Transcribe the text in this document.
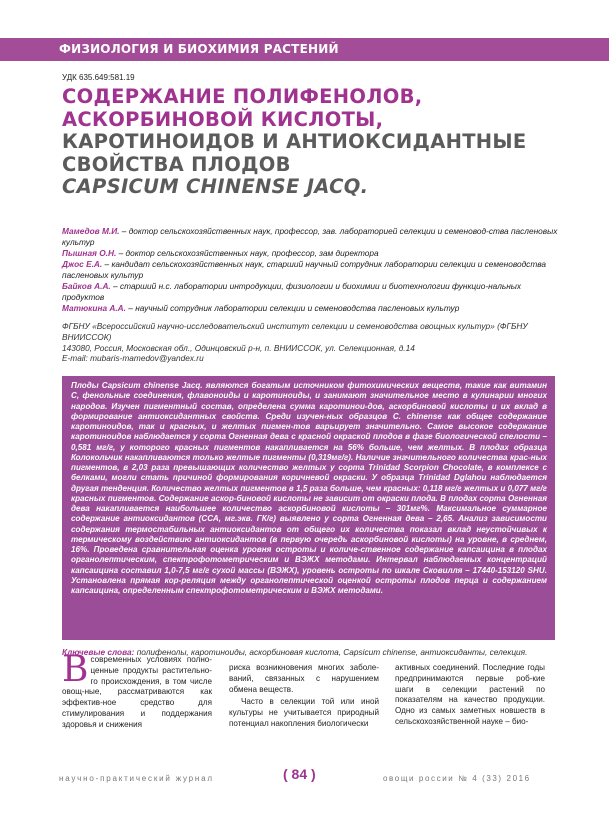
ФИЗИОЛОГИЯ И БИОХИМИЯ РАСТЕНИЙ
УДК 635.649:581.19
СОДЕРЖАНИЕ ПОЛИФЕНОЛОВ,
АСКОРБИНОВОЙ КИСЛОТЫ,
КАРОТИНОИДОВ И АНТИОКСИДАНТНЫЕ
СВОЙСТВА ПЛОДОВ
CAPSICUM CHINENSE JACQ.

Мамедов М.И. – доктор сельскохозяйственных наук, профессор, зав. лабораторией селекции и семеновод-ства пасленовых культур

Пышная О.Н. – доктор сельскохозяйственных наук, профессор, зам директора

Джос Е.А. – кандидат сельскохозяйственных наук, старший научный сотрудник лаборатории селекции и семеноводства пасленовых культур

Байков А.А. – старший н.с. лаборатории интродукции, физиологии и биохимии и биотехнологии функцио-нальных продуктов

Матюкина А.А. – научный сотрудник лаборатории селекции и семеноводства пасленовых культур

ФГБНУ «Всероссийский научно-исследовательский институт селекции и семеноводства овощных культур» (ФГБНУ ВНИИССОК)

143080, Россия, Московская обл., Одинцовский р-н, п. ВНИИССОК, ул. Селекционная, д.14

E-mail: mubaris-mamedov@yandex.ru

Плоды Capsicum chinense Jacq. являются богатым источником фитохимических веществ, такие как витамин С, фенольные соединения, флавоноиды и каротиноиды, и занимают значительное место в кулинарии многих народов. Изучен пигментный состав, определена сумма каротинои-дов, аскорбиновой кислоты и их вклад в формирование антиоксидантных свойств. Среди изучен-ных образцов C. chinense как общее содержание каротиноидов, так и красных, и желтых пигмен-тов варьирует значительно. Самое высокое содержание каротиноидов наблюдается у сорта Огненная дева с красной окраской плодов в фазе биологической спелости – 0,581 мг/г, у которого красных пигментов накапливается на 56% больше, чем желтых. В плодах образца Колокольчик накапливаются только желтые пигменты (0,319мг/г). Наличие значительного количества крас-ных пигментов, в 2,03 раза превышающих количество желтых у сорта Trinidad Scorpion Chocolate, в комплексе с белками, могли стать причиной формирования коричневой окраски. У образца Trinidad Dglahou наблюдается другая тенденция. Количество желтых пигментов в 1,5 раза больше, чем красных: 0,118 мг/г желтых и 0,077 мг/г красных пигментов. Содержание аскор-биновой кислоты не зависит от окраски плода. В плодах сорта Огненная дева накапливается наибольшее количество аскорбиновой кислоты – 301мг%. Максимальное суммарное содержание антиоксидантов (ССА, мг.экв. ГК/г) выявлено у сорта Огненная дева – 2,65. Анализ зависимости содержания термостабильных антиоксидантов от общего их количества показал вклад неустойчивых к термическому воздействию антиоксидантов (в первую очередь аскорбиновой кислоты) на уровне, в среднем, 16%. Проведена сравнительная оценка уровня остроты и количе-ственное содержание капсаицина в плодах органолептическим, спектрофотометрическим и ВЭЖХ методами. Интервал наблюдаемых концентраций капсаицина составил 1,0-7,5 мг/г сухой массы (ВЭЖХ), уровень остроты по шкале Сковилля – 17440-153120 SHU. Установлена прямая кор-реляция между органолептической оценкой остроты плодов перца и содержанием капсаицина, определенным спектрофотометрическим и ВЭЖХ методами.

Ключевые слова: полифенолы, каротиноиды, аскорбиновая кислота, Capsicum chinense, антиоксиданты, селекция.
В современных условиях полно-ценные продукты растительно-го происхождения, в том числе овощ-ные, рассматриваются как эффектив-ное средство для стимулирования и поддержания здоровья и снижения

риска возникновения многих заболе-ваний, связанных с нарушением обмена веществ.

Часто в селекции той или иной культуры не учитывается природный потенциал накопления биологически

активных соединений. Последние годы предпринимаются первые роб-кие шаги в селекции растений по показателям на качество продукции. Одно из самых заметных новшеств в сельскохозяйственной науке – био-

научно-практический журнал	( 84 )	овощи россии № 4 (33) 2016
